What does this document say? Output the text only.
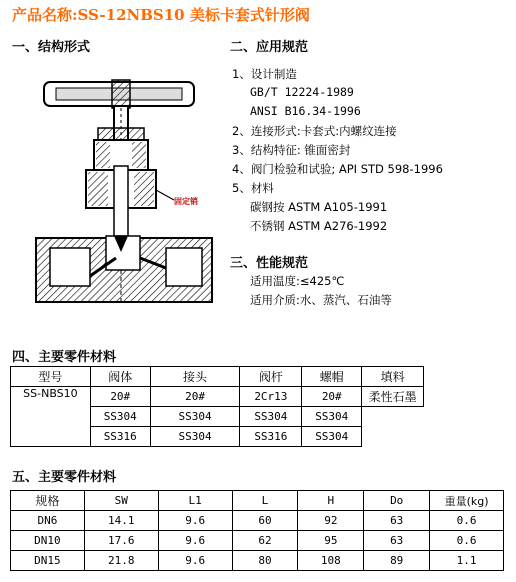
产品名称:SS-12NBS10 美标卡套式针形阀
一、结构形式	二、应用规范
固定销
1、设计制造
GB/T 12224-1989
ANSI B16.34-1996
2、连接形式:卡套式:内螺纹连接
3、结构特征: 锥面密封
4、阀门检验和试验; API STD 598-1996
5、材料
碳钢按 ASTM A105-1991
不锈钢 ASTM A276-1992
三、性能规范
适用温度:≤425℃
适用介质:水、蒸汽、石油等
四、主要零件材料
型号	阀体	接头	阀杆	螺帽	填料
SS-NBS10	20#	20#	2Cr13	20#	柔性石墨
	SS304	SS304	SS304	SS304	
	SS316	SS304	SS316	SS304	
五、主要零件材料
规格	SW	L1	L	H	Do	重量(kg)
DN6	14.1	9.6	60	92	63	0.6
DN10	17.6	9.6	62	95	63	0.6
DN15	21.8	9.6	80	108	89	1.1
